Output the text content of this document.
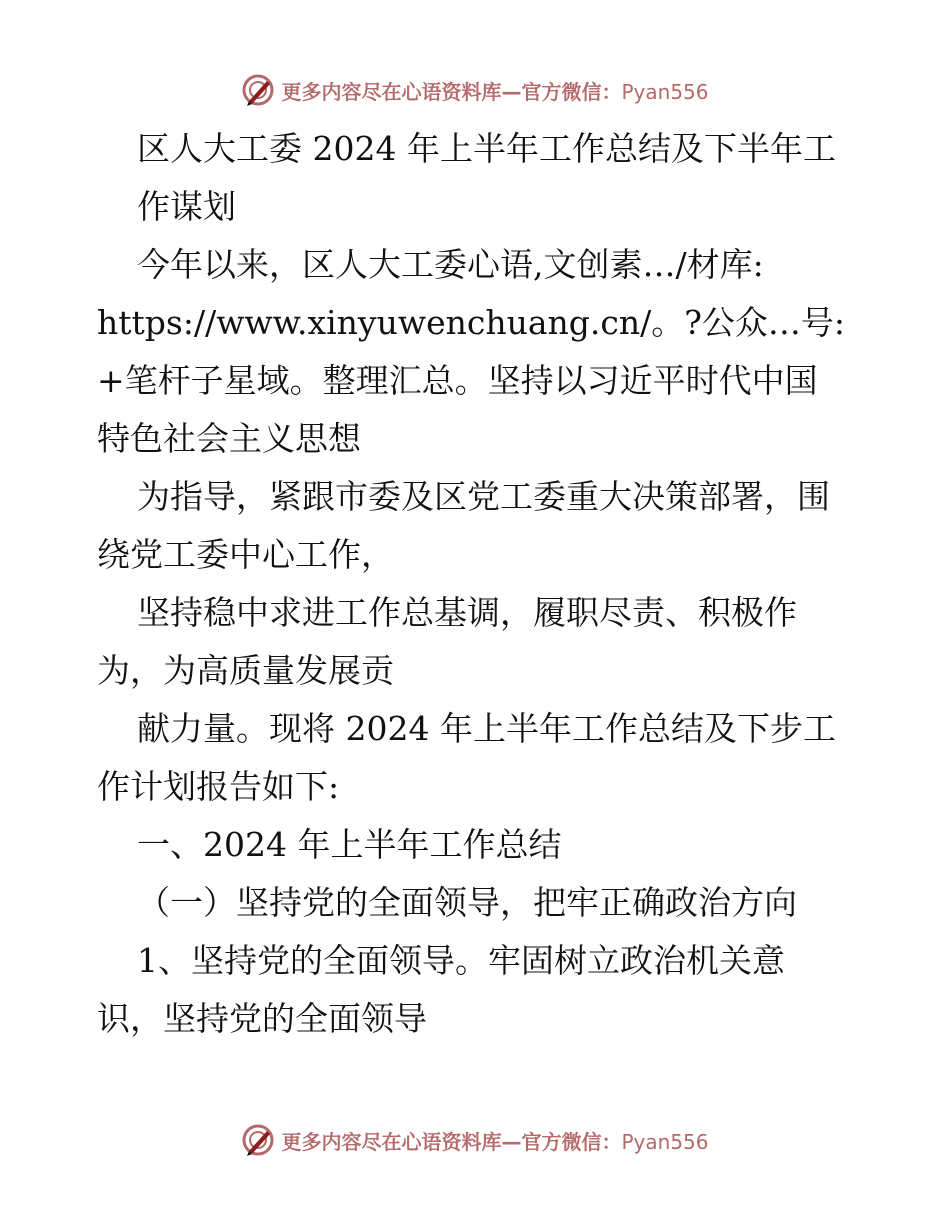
更多内容尽在心语资料库—官方微信：Pyan556

区人大工委 2024 年上半年工作总结及下半年工
作谋划

今年以来，区人大工委心语,文创素…/材库:
https://www.xinyuwenchuang.cn/。?公众…号:
+笔杆子星域。整理汇总。坚持以习近平时代中国
特色社会主义思想

为指导，紧跟市委及区党工委重大决策部署，围
绕党工委中心工作，

坚持稳中求进工作总基调，履职尽责、积极作
为，为高质量发展贡

献力量。现将 2024 年上半年工作总结及下步工
作计划报告如下:

一、2024 年上半年工作总结

（一）坚持党的全面领导，把牢正确政治方向

1、坚持党的全面领导。牢固树立政治机关意
识，坚持党的全面领导

更多内容尽在心语资料库—官方微信：Pyan556
